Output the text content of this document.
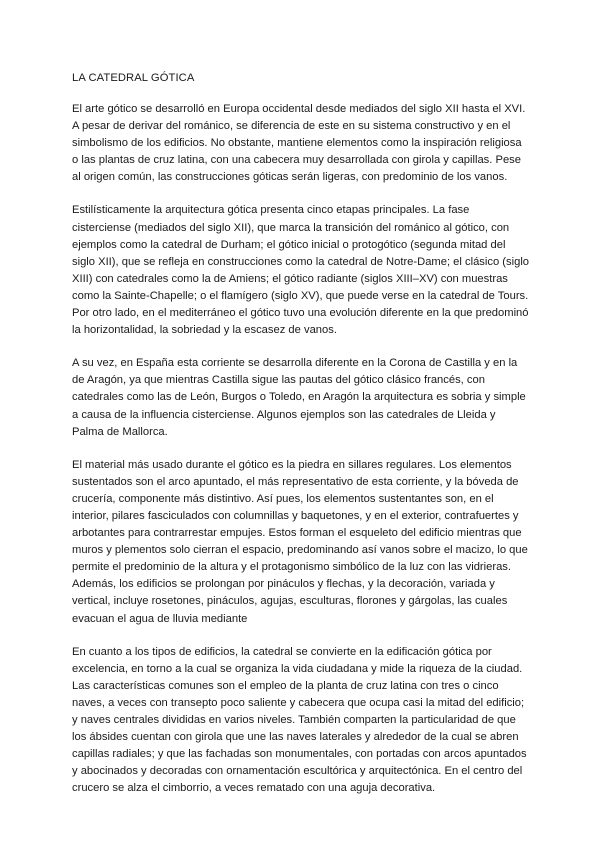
LA CATEDRAL GÓTICA

El arte gótico se desarrolló en Europa occidental desde mediados del siglo XII hasta el XVI. A pesar de derivar del románico, se diferencia de este en su sistema constructivo y en el simbolismo de los edificios. No obstante, mantiene elementos como la inspiración religiosa o las plantas de cruz latina, con una cabecera muy desarrollada con girola y capillas. Pese al origen común, las construcciones góticas serán ligeras, con predominio de los vanos.

Estilísticamente la arquitectura gótica presenta cinco etapas principales. La fase cisterciense (mediados del siglo XII), que marca la transición del románico al gótico, con ejemplos como la catedral de Durham; el gótico inicial o protogótico (segunda mitad del siglo XII), que se refleja en construcciones como la catedral de Notre-Dame; el clásico (siglo XIII) con catedrales como la de Amiens; el gótico radiante (siglos XIII–XV) con muestras como la Sainte-Chapelle; o el flamígero (siglo XV), que puede verse en la catedral de Tours. Por otro lado, en el mediterráneo el gótico tuvo una evolución diferente en la que predominó la horizontalidad, la sobriedad y la escasez de vanos.

A su vez, en España esta corriente se desarrolla diferente en la Corona de Castilla y en la de Aragón, ya que mientras Castilla sigue las pautas del gótico clásico francés, con catedrales como las de León, Burgos o Toledo, en Aragón la arquitectura es sobria y simple a causa de la influencia cisterciense. Algunos ejemplos son las catedrales de Lleida y Palma de Mallorca.

El material más usado durante el gótico es la piedra en sillares regulares. Los elementos sustentados son el arco apuntado, el más representativo de esta corriente, y la bóveda de crucería, componente más distintivo. Así pues, los elementos sustentantes son, en el interior, pilares fasciculados con columnillas y baquetones, y en el exterior, contrafuertes y arbotantes para contrarrestar empujes. Estos forman el esqueleto del edificio mientras que muros y plementos solo cierran el espacio, predominando así vanos sobre el macizo, lo que permite el predominio de la altura y el protagonismo simbólico de la luz con las vidrieras. Además, los edificios se prolongan por pináculos y flechas, y la decoración, variada y vertical, incluye rosetones, pináculos, agujas, esculturas, florones y gárgolas, las cuales evacuan el agua de lluvia mediante

En cuanto a los tipos de edificios, la catedral se convierte en la edificación gótica por excelencia, en torno a la cual se organiza la vida ciudadana y mide la riqueza de la ciudad. Las características comunes son el empleo de la planta de cruz latina con tres o cinco naves, a veces con transepto poco saliente y cabecera que ocupa casi la mitad del edificio; y naves centrales divididas en varios niveles. También comparten la particularidad de que los ábsides cuentan con girola que une las naves laterales y alrededor de la cual se abren capillas radiales; y que las fachadas son monumentales, con portadas con arcos apuntados y abocinados y decoradas con ornamentación escultórica y arquitectónica. En el centro del crucero se alza el cimborrio, a veces rematado con una aguja decorativa.
